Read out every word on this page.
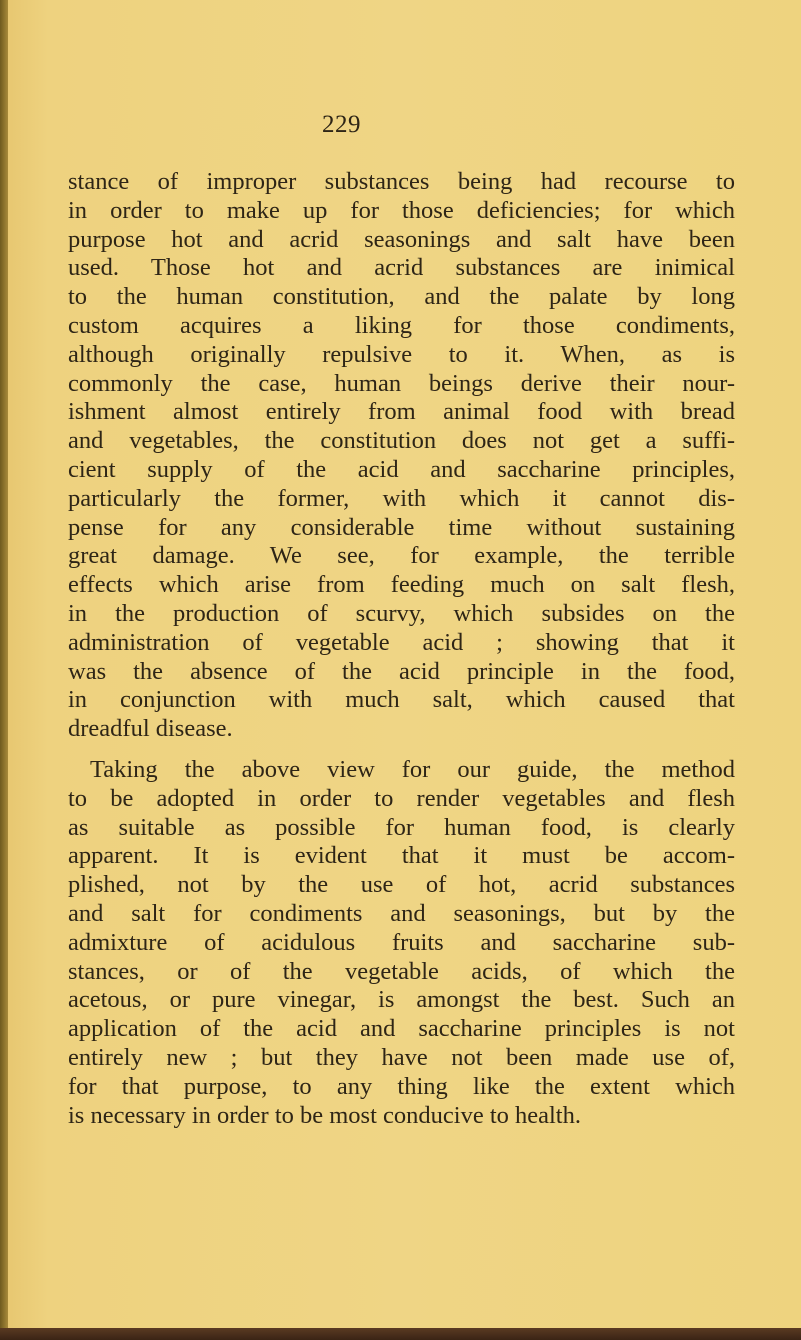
229
stance of improper substances being had recourse to
in order to make up for those deficiencies; for which
purpose hot and acrid seasonings and salt have been
used. Those hot and acrid substances are inimical
to the human constitution, and the palate by long
custom acquires a liking for those condiments,
although originally repulsive to it. When, as is
commonly the case, human beings derive their nour-
ishment almost entirely from animal food with bread
and vegetables, the constitution does not get a suffi-
cient supply of the acid and saccharine principles,
particularly the former, with which it cannot dis-
pense for any considerable time without sustaining
great damage. We see, for example, the terrible
effects which arise from feeding much on salt flesh,
in the production of scurvy, which subsides on the
administration of vegetable acid ; showing that it
was the absence of the acid principle in the food,
in conjunction with much salt, which caused that
dreadful disease.
Taking the above view for our guide, the method
to be adopted in order to render vegetables and flesh
as suitable as possible for human food, is clearly
apparent. It is evident that it must be accom-
plished, not by the use of hot, acrid substances
and salt for condiments and seasonings, but by the
admixture of acidulous fruits and saccharine sub-
stances, or of the vegetable acids, of which the
acetous, or pure vinegar, is amongst the best. Such an
application of the acid and saccharine principles is not
entirely new ; but they have not been made use of,
for that purpose, to any thing like the extent which
is necessary in order to be most conducive to health.
